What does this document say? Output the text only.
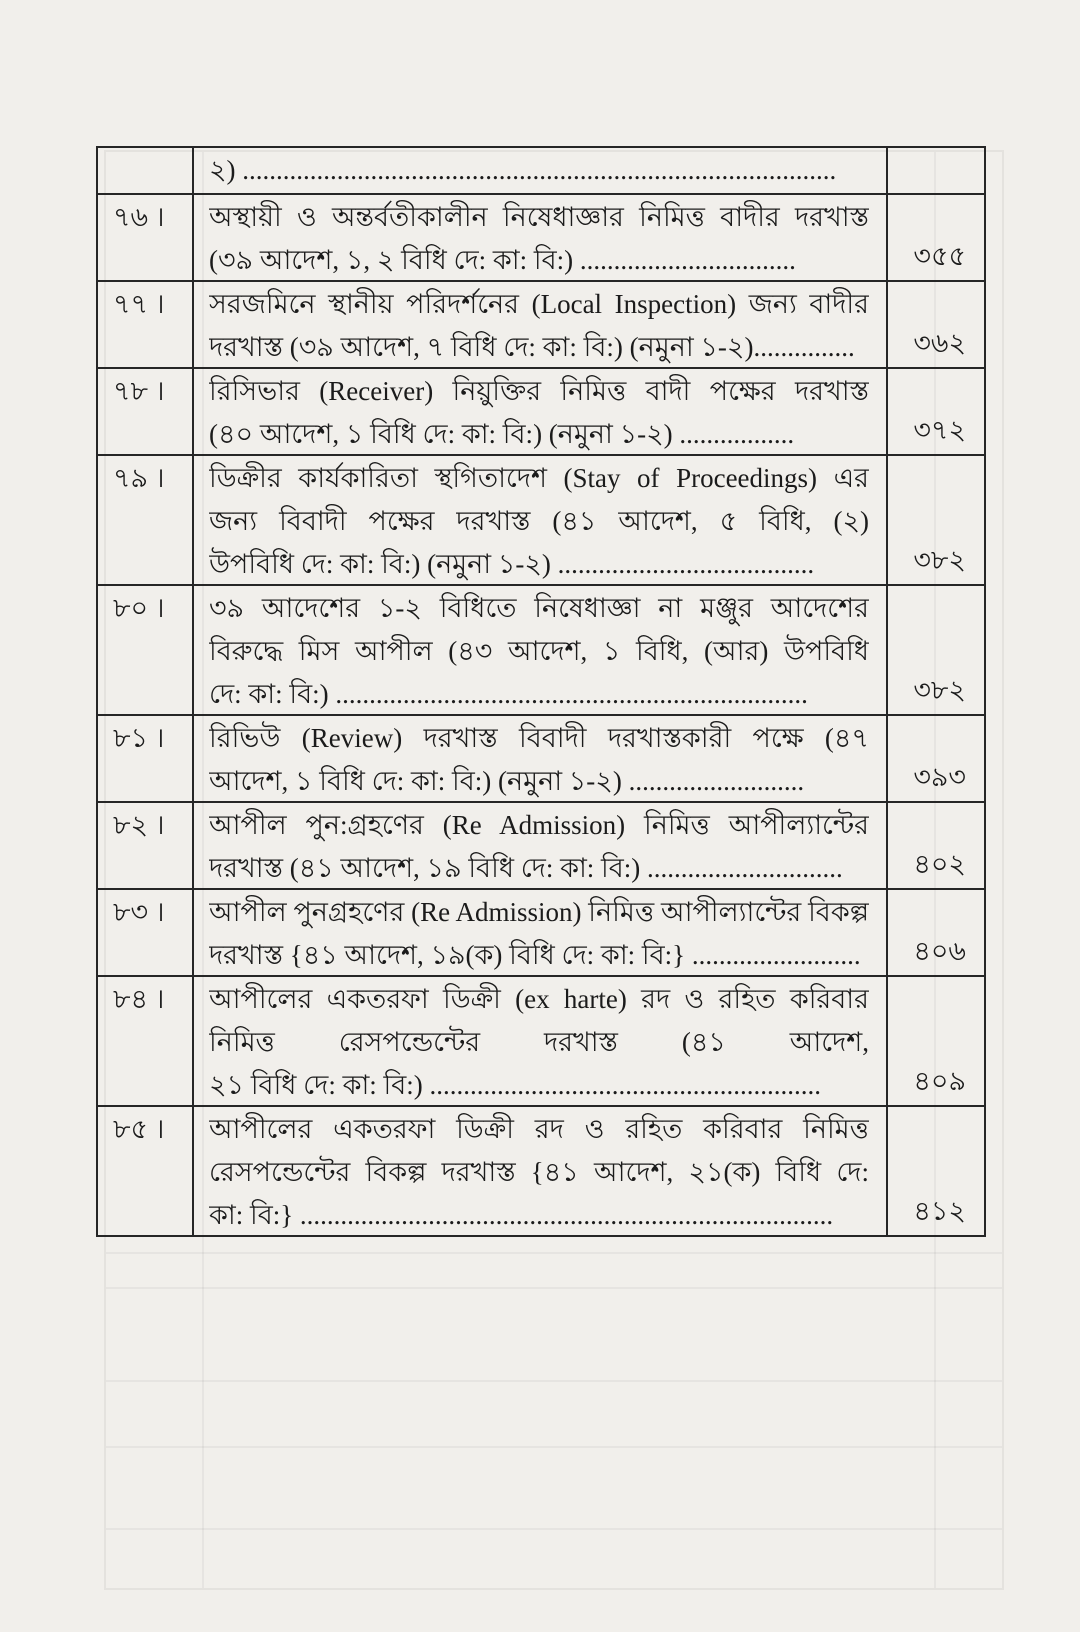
২) ........................................................................................
৭৬ ।	অস্থায়ী ও অন্তর্বতীকালীন নিষেধাজ্ঞার নিমিত্ত বাদীর দরখাস্ত
(৩৯ আদেশ, ১, ২ বিধি দে: কা: বি:) ................................	৩৫৫
৭৭ ।	সরজমিনে স্থানীয় পরিদর্শনের (Local Inspection) জন্য বাদীর
দরখাস্ত (৩৯ আদেশ, ৭ বিধি দে: কা: বি:) (নমুনা ১-২)...............	৩৬২
৭৮ ।	রিসিভার (Receiver) নিয়ুক্তির নিমিত্ত বাদী পক্ষের দরখাস্ত
(৪০ আদেশ, ১ বিধি দে: কা: বি:) (নমুনা ১-২) .................	৩৭২
৭৯ ।	ডিক্রীর কার্যকারিতা স্থগিতাদেশ (Stay of Proceedings) এর
জন্য বিবাদী পক্ষের দরখাস্ত (৪১ আদেশ, ৫ বিধি, (২)
উপবিধি দে: কা: বি:) (নমুনা ১-২) ......................................	৩৮২
৮০ ।	৩৯ আদেশের ১-২ বিধিতে নিষেধাজ্ঞা না মঞ্জুর আদেশের
বিরুদ্ধে মিস আপীল (৪৩ আদেশ, ১ বিধি, (আর) উপবিধি
দে: কা: বি:) ......................................................................	৩৮২
৮১ ।	রিভিউ (Review) দরখাস্ত বিবাদী দরখাস্তকারী পক্ষে (৪৭
আদেশ, ১ বিধি দে: কা: বি:) (নমুনা ১-২) ..........................	৩৯৩
৮২ ।	আপীল পুন:গ্রহণের (Re Admission) নিমিত্ত আপীল্যান্টের
দরখাস্ত (৪১ আদেশ, ১৯ বিধি দে: কা: বি:) .............................	৪০২
৮৩ ।	আপীল পুনগ্রহণের (Re Admission) নিমিত্ত আপীল্যান্টের বিকল্প
দরখাস্ত {৪১ আদেশ, ১৯(ক) বিধি দে: কা: বি:} .........................	৪০৬
৮৪ ।	আপীলের একতরফা ডিক্রী (ex harte) রদ ও রহিত করিবার
নিমিত্ত রেসপন্ডেন্টের দরখাস্ত (৪১ আদেশ,
২১ বিধি দে: কা: বি:) ..........................................................	৪০৯
৮৫ ।	আপীলের একতরফা ডিক্রী রদ ও রহিত করিবার নিমিত্ত
রেসপন্ডেন্টের বিকল্প দরখাস্ত {৪১ আদেশ, ২১(ক) বিধি দে:
কা: বি:} ...............................................................................	৪১২
